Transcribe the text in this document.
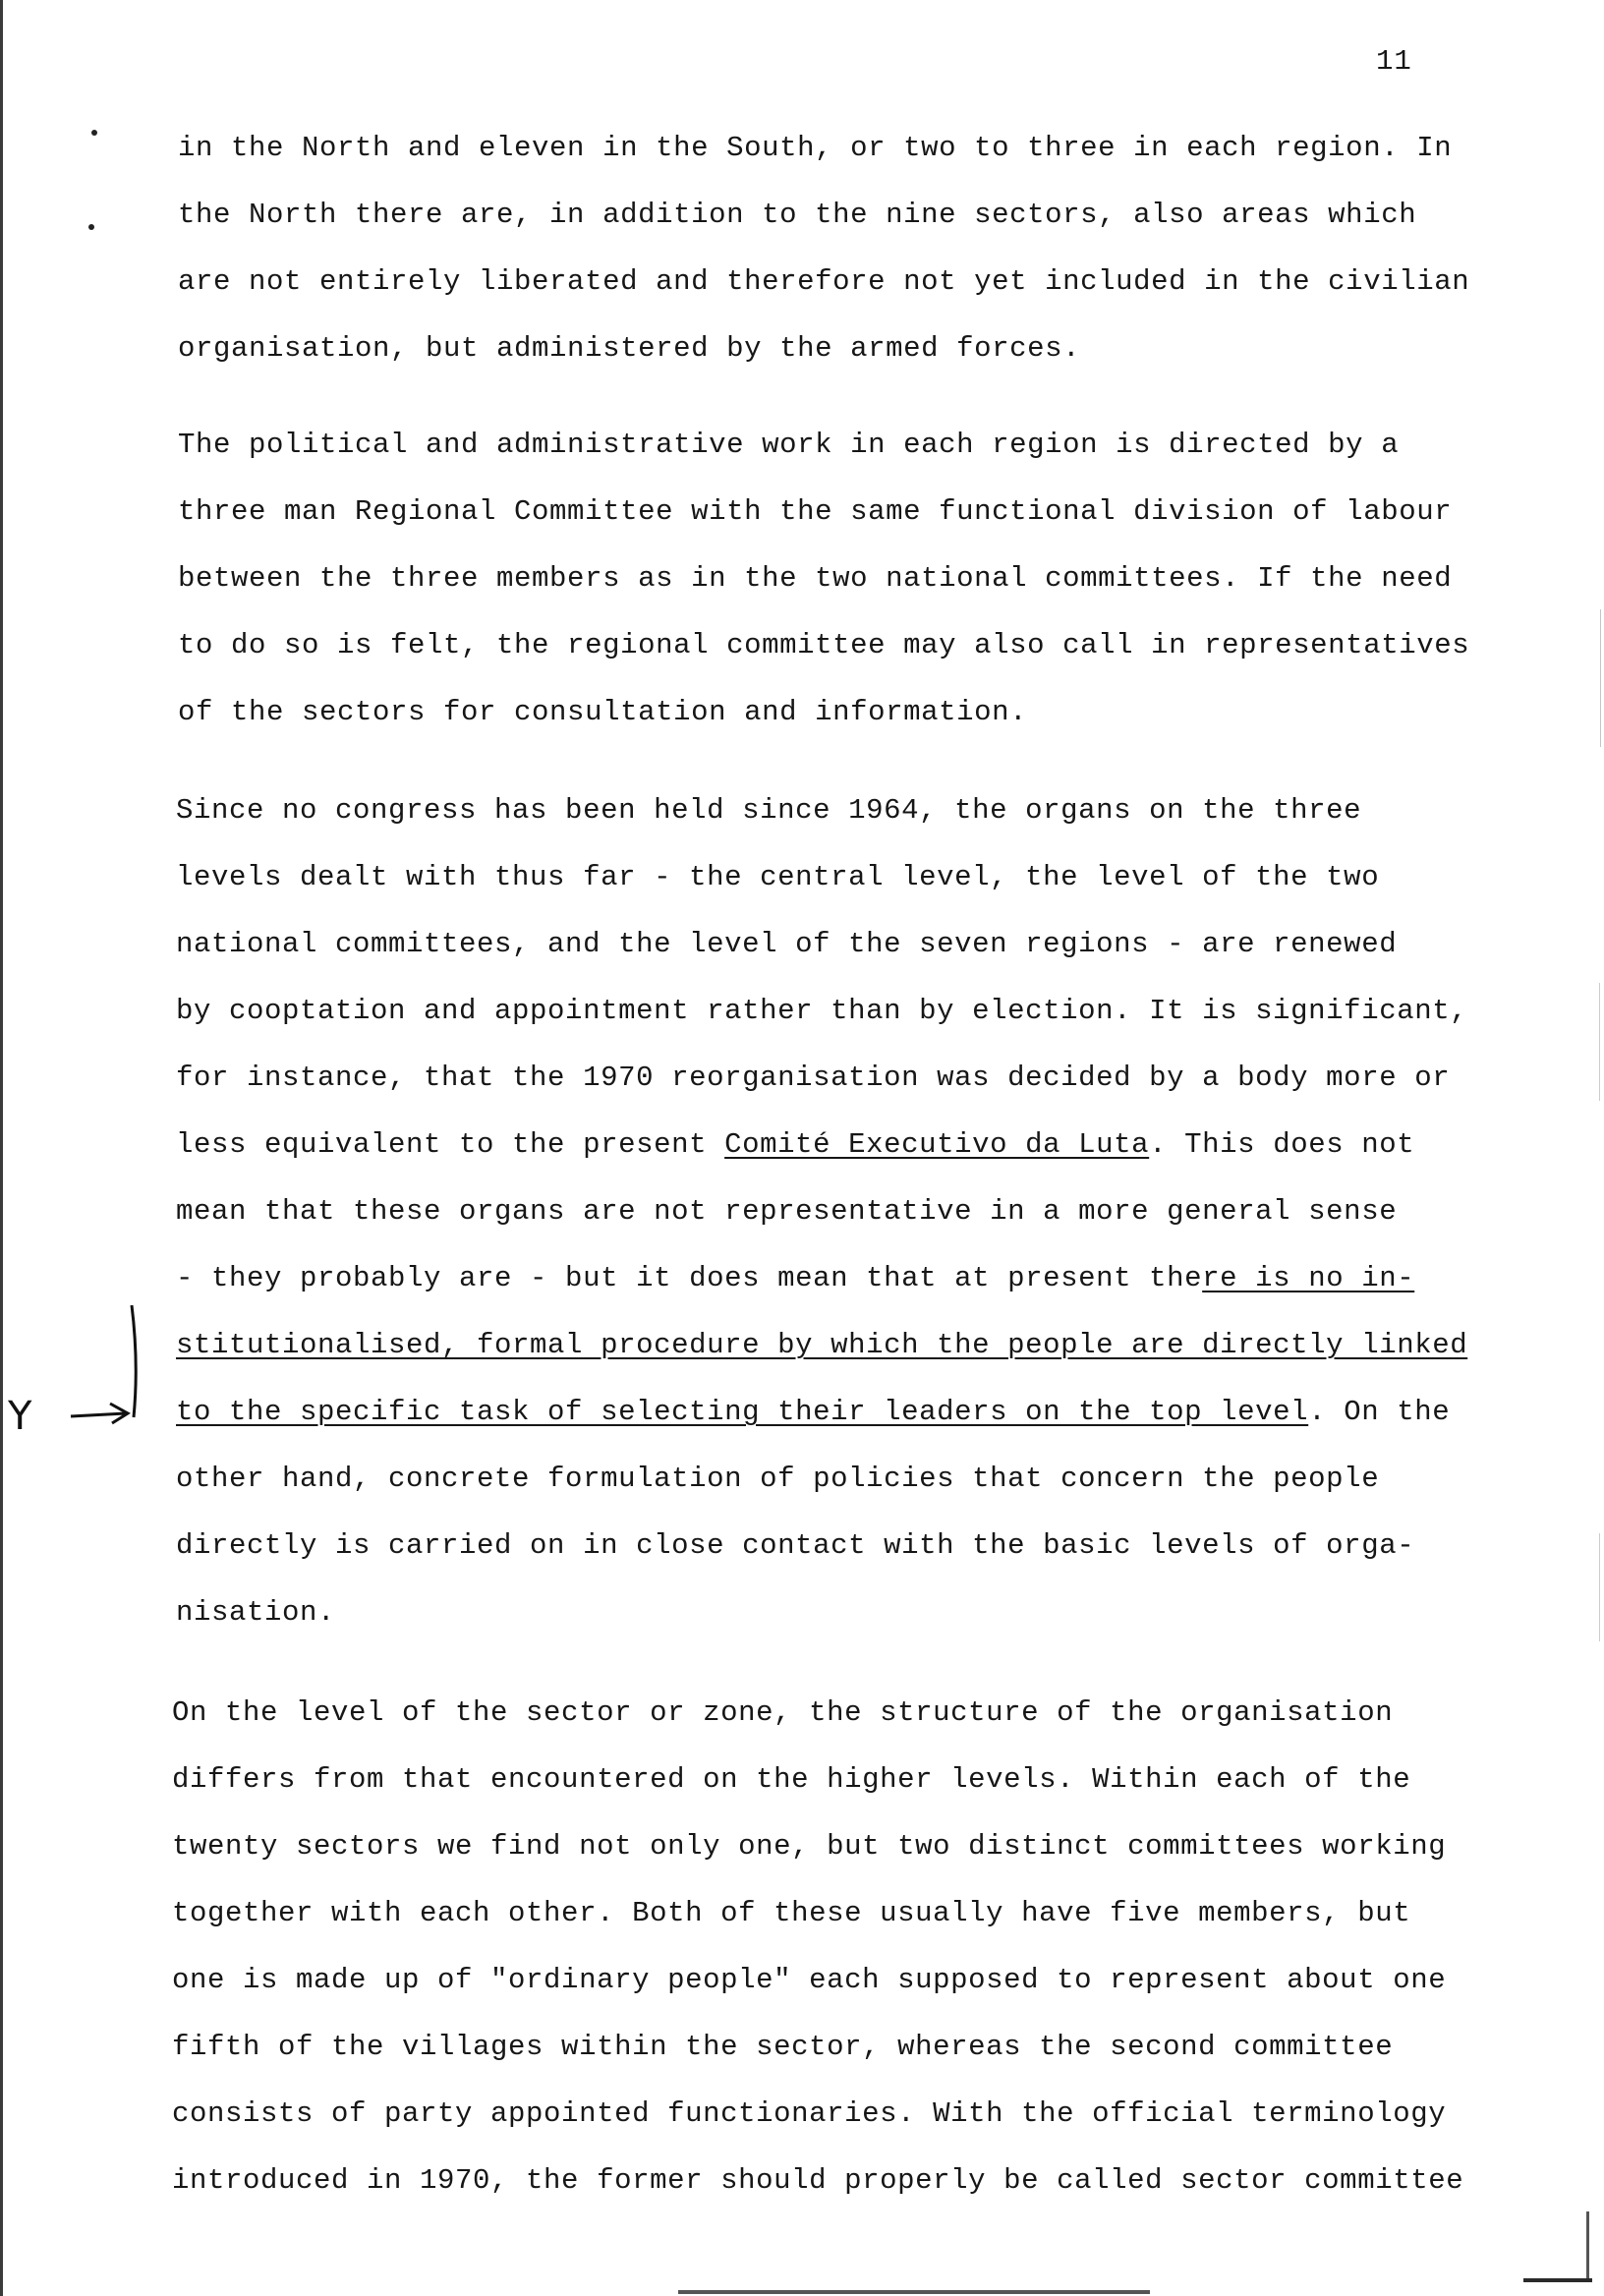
11
in the North and eleven in the South, or two to three in each region. In
the North there are, in addition to the nine sectors, also areas which
are not entirely liberated and therefore not yet included in the civilian
organisation, but administered by the armed forces.
The political and administrative work in each region is directed by a
three man Regional Committee with the same functional division of labour
between the three members as in the two national committees. If the need
to do so is felt, the regional committee may also call in representatives
of the sectors for consultation and information.
Since no congress has been held since 1964, the organs on the three
levels dealt with thus far - the central level, the level of the two
national committees, and the level of the seven regions - are renewed
by cooptation and appointment rather than by election. It is significant,
for instance, that the 1970 reorganisation was decided by a body more or
less equivalent to the present Comité Executivo da Luta. This does not
mean that these organs are not representative in a more general sense
- they probably are - but it does mean that at present there is no in-
stitutionalised, formal procedure by which the people are directly linked
to the specific task of selecting their leaders on the top level. On the
other hand, concrete formulation of policies that concern the people
directly is carried on in close contact with the basic levels of orga-
nisation.
On the level of the sector or zone, the structure of the organisation
differs from that encountered on the higher levels. Within each of the
twenty sectors we find not only one, but two distinct committees working
together with each other. Both of these usually have five members, but
one is made up of "ordinary people" each supposed to represent about one
fifth of the villages within the sector, whereas the second committee
consists of party appointed functionaries. With the official terminology
introduced in 1970, the former should properly be called sector committee
Y
